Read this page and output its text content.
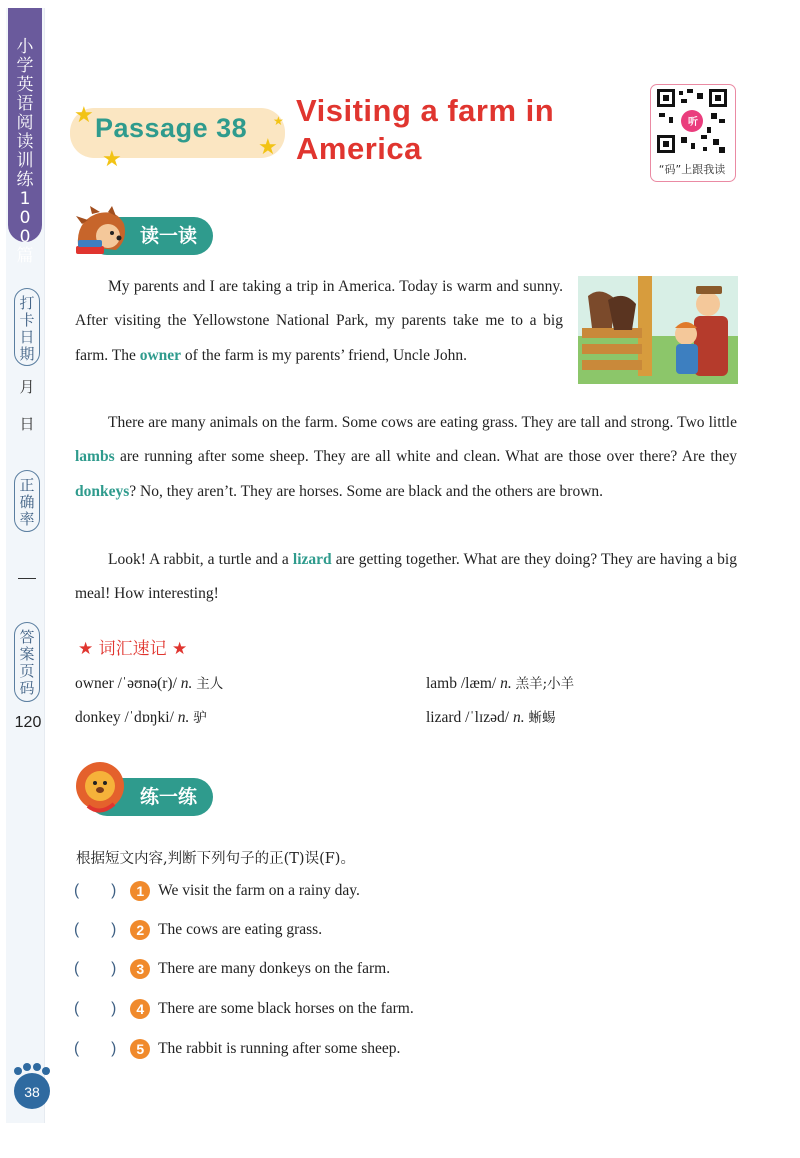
小学英语阅读训练100篇
打卡日期
月
日
正确率
答案页码
120
★
★	★
★
Passage 38 Visiting a farm in America
听
“码”上跟我读
读一读
My parents and I are taking a trip in America. Today is warm and sunny. After visiting the Yellowstone National Park, my parents take me to a big farm. The owner of the farm is my parents’ friend, Uncle John.
There are many animals on the farm. Some cows are eating grass. They are tall and strong. Two little lambs are running after some sheep. They are all white and clean. What are those over there? Are they donkeys? No, they aren’t. They are horses. Some are black and the others are brown.
Look! A rabbit, a turtle and a lizard are getting together. What are they doing? They are having a big meal! How interesting!
★ 词汇速记 ★
owner /ˈəʊnə(r)/ n. 主人	lamb /læm/ n. 羔羊;小羊
donkey /ˈdɒŋki/ n. 驴	lizard /ˈlɪzəd/ n. 蜥蜴
练一练
根据短文内容,判断下列句子的正(T)误(F)。
( ) 1 We visit the farm on a rainy day.
( ) 2 The cows are eating grass.
( ) 3 There are many donkeys on the farm.
( ) 4 There are some black horses on the farm.
( ) 5 The rabbit is running after some sheep.
38
